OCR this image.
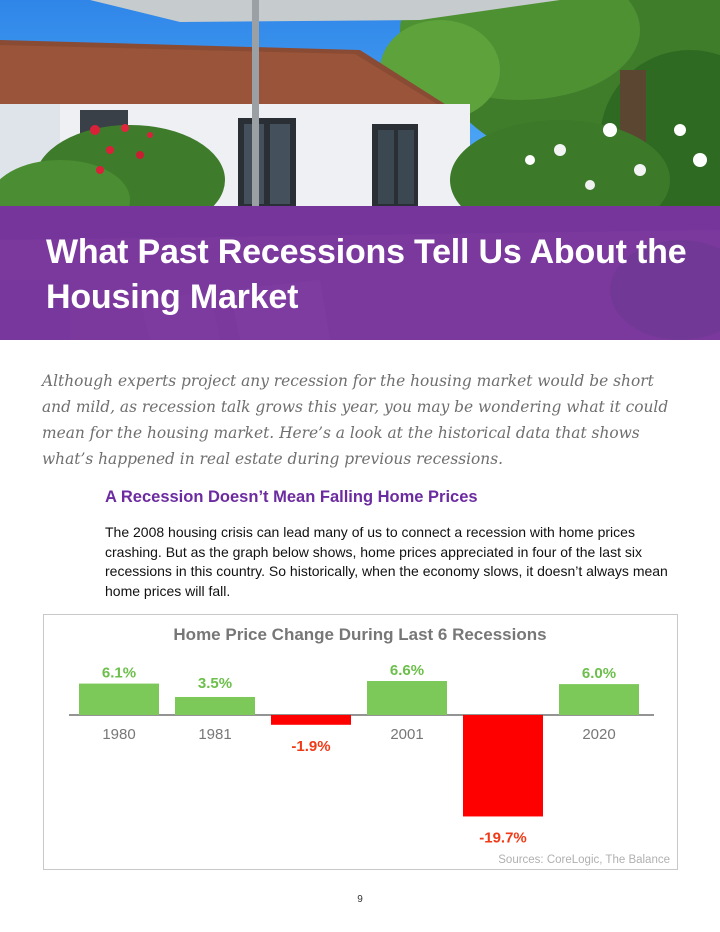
What Past Recessions Tell Us About the Housing Market

Although experts project any recession for the housing market would be short and mild, as recession talk grows this year, you may be wondering what it could mean for the housing market. Here’s a look at the historical data that shows what’s happened in real estate during previous recessions.

A Recession Doesn’t Mean Falling Home Prices

The 2008 housing crisis can lead many of us to connect a recession with home prices crashing. But as the graph below shows, home prices appreciated in four of the last six recessions in this country. So historically, when the economy slows, it doesn’t always mean home prices will fall.

Home Price Change During Last 6 Recessions
6.1%
1980
3.5%
1981
-1.9%
6.6%
2001
-19.7%
6.0%
2020
Sources: CoreLogic, The Balance
9
